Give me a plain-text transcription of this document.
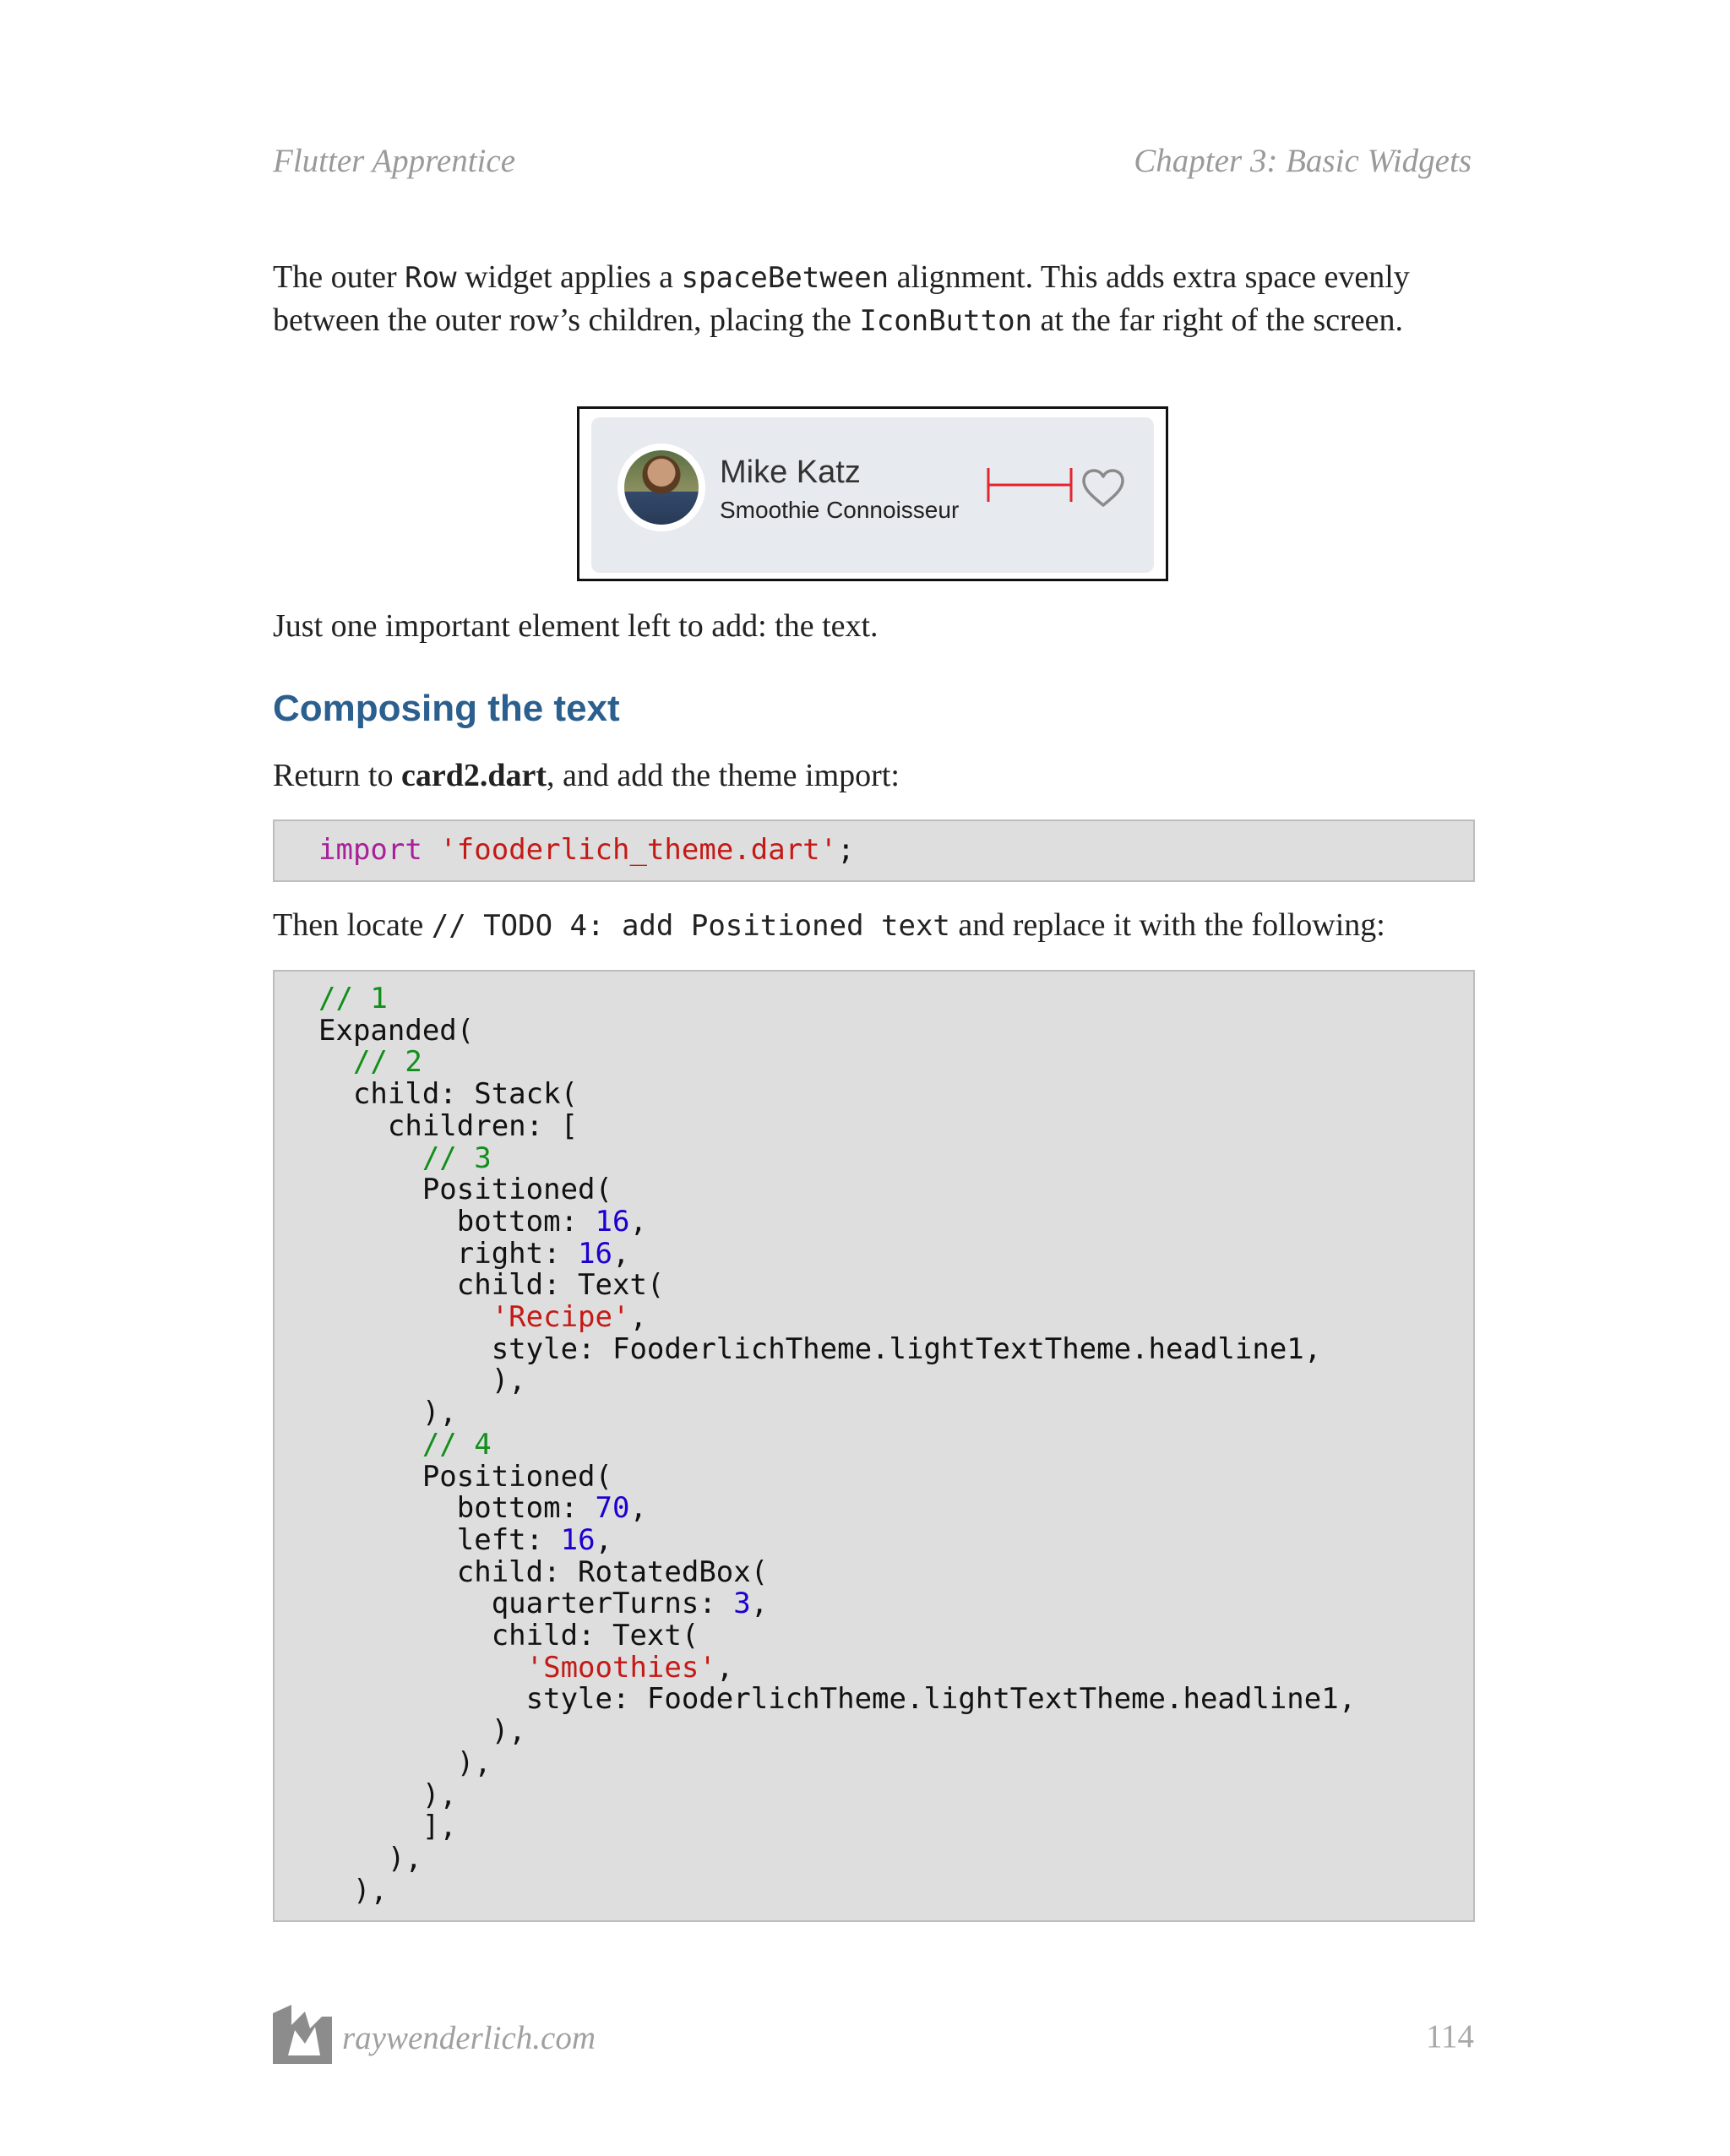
Flutter Apprentice	Chapter 3: Basic Widgets
The outer Row widget applies a spaceBetween alignment. This adds extra space evenly between the outer row’s children, placing the IconButton at the far right of the screen.
Mike Katz
Smoothie Connoisseur
Just one important element left to add: the text.
Composing the text
Return to card2.dart, and add the theme import:
import 'fooderlich_theme.dart';
Then locate // TODO 4: add Positioned text and replace it with the following:
// 1
Expanded(
// 2
child: Stack(
children: [
// 3
Positioned(
bottom: 16,
right: 16,
child: Text(
'Recipe',
style: FooderlichTheme.lightTextTheme.headline1,
),
),
// 4
Positioned(
bottom: 70,
left: 16,
child: RotatedBox(
quarterTurns: 3,
child: Text(
'Smoothies',
style: FooderlichTheme.lightTextTheme.headline1,
),
),
),
],
),
),
raywenderlich.com	114
